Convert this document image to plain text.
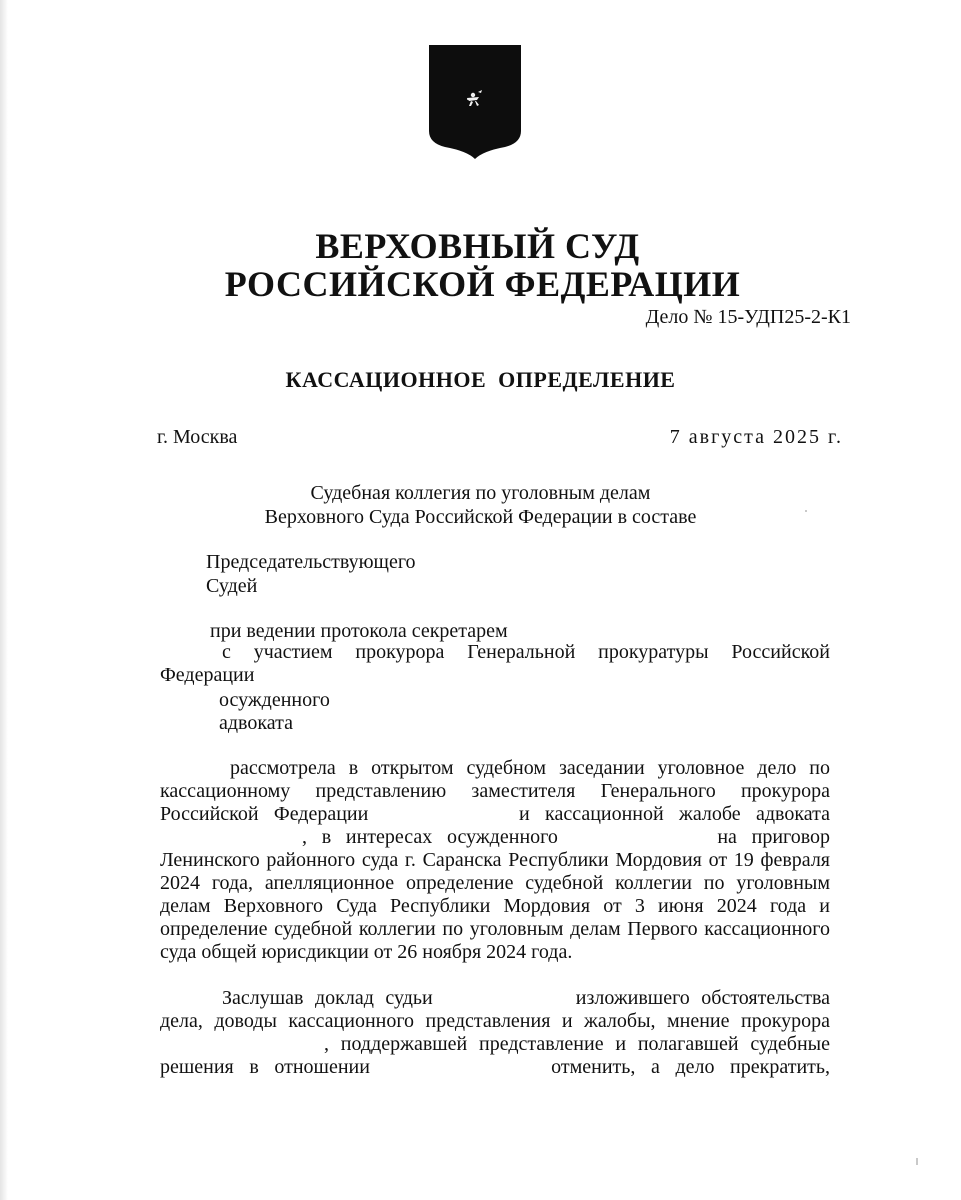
ВЕРХОВНЫЙ СУД
РОССИЙСКОЙ ФЕДЕРАЦИИ
Дело № 15-УДП25-2-К1
КАССАЦИОННОЕ ОПРЕДЕЛЕНИЕ
г. Москва	7 августа 2025 г.
Судебная коллегия по уголовным делам
Верховного Суда Российской Федерации в составе
Председательствующего
Судей
при ведении протокола секретарем
с участием прокурора Генеральной прокуратуры Российской
Федерации
осужденного
адвоката
рассмотрела в открытом судебном заседании уголовное дело по
кассационному представлению заместителя Генерального прокурора
Российской Федерации	и кассационной жалобе адвоката
, в интересах осужденного	на приговор
Ленинского районного суда г. Саранска Республики Мордовия от 19 февраля
2024 года, апелляционное определение судебной коллегии по уголовным
делам Верховного Суда Республики Мордовия от 3 июня 2024 года и
определение судебной коллегии по уголовным делам Первого кассационного
суда общей юрисдикции от 26 ноября 2024 года.
Заслушав доклад судьи	изложившего обстоятельства
дела, доводы кассационного представления и жалобы, мнение прокурора
, поддержавшей представление и полагавшей судебные
решения в отношении	отменить, а дело прекратить,
